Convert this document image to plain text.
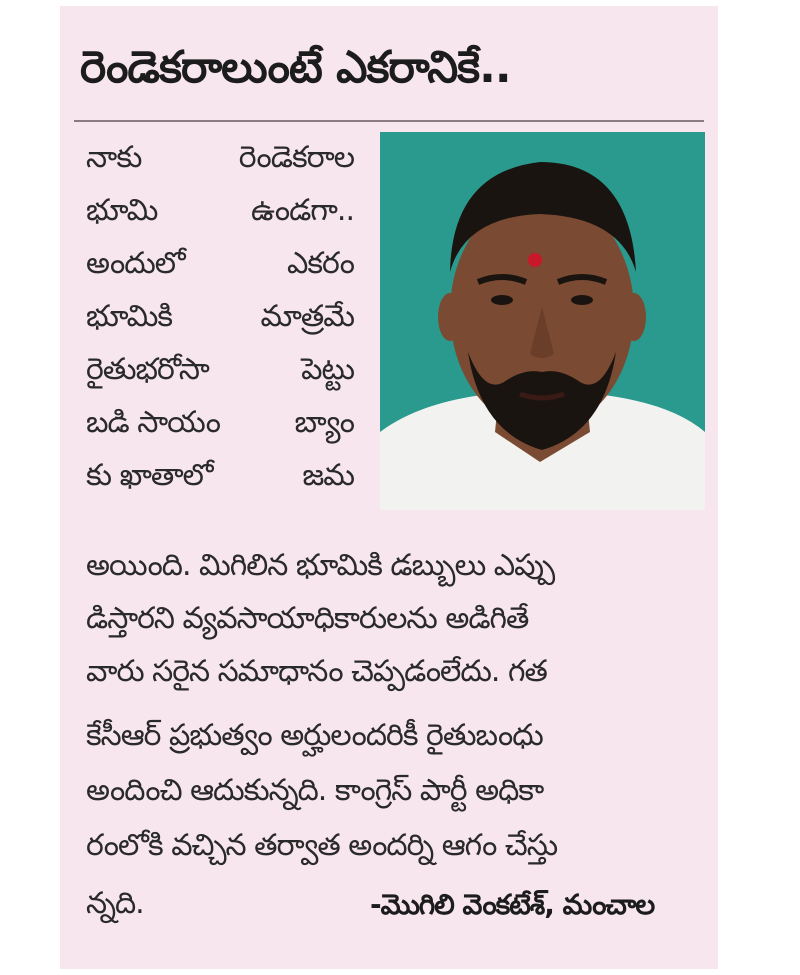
రెండెకరాలుంటే ఎకరానికే..
నాకు	రెండెకరాల
భూమి	ఉండగా..
అందులో	ఎకరం
భూమికి	మాత్రమే
రైతుభరోసా	పెట్టు
బడి సాయం బ్యాం
కు ఖాతాలో	జమ
అయింది. మిగిలిన భూమికి డబ్బులు ఎప్పు
డిస్తారని వ్యవసాయాధికారులను అడిగితే
వారు సరైన సమాధానం చెప్పడంలేదు. గత
కేసీఆర్ ప్రభుత్వం అర్హులందరికీ రైతుబంధు
అందించి ఆదుకున్నది. కాంగ్రెస్ పార్టీ అధికా
రంలోకి వచ్చిన తర్వాత అందర్ని ఆగం చేస్తు
న్నది.	-మొగిలి వెంకటేశ్, మంచాల
